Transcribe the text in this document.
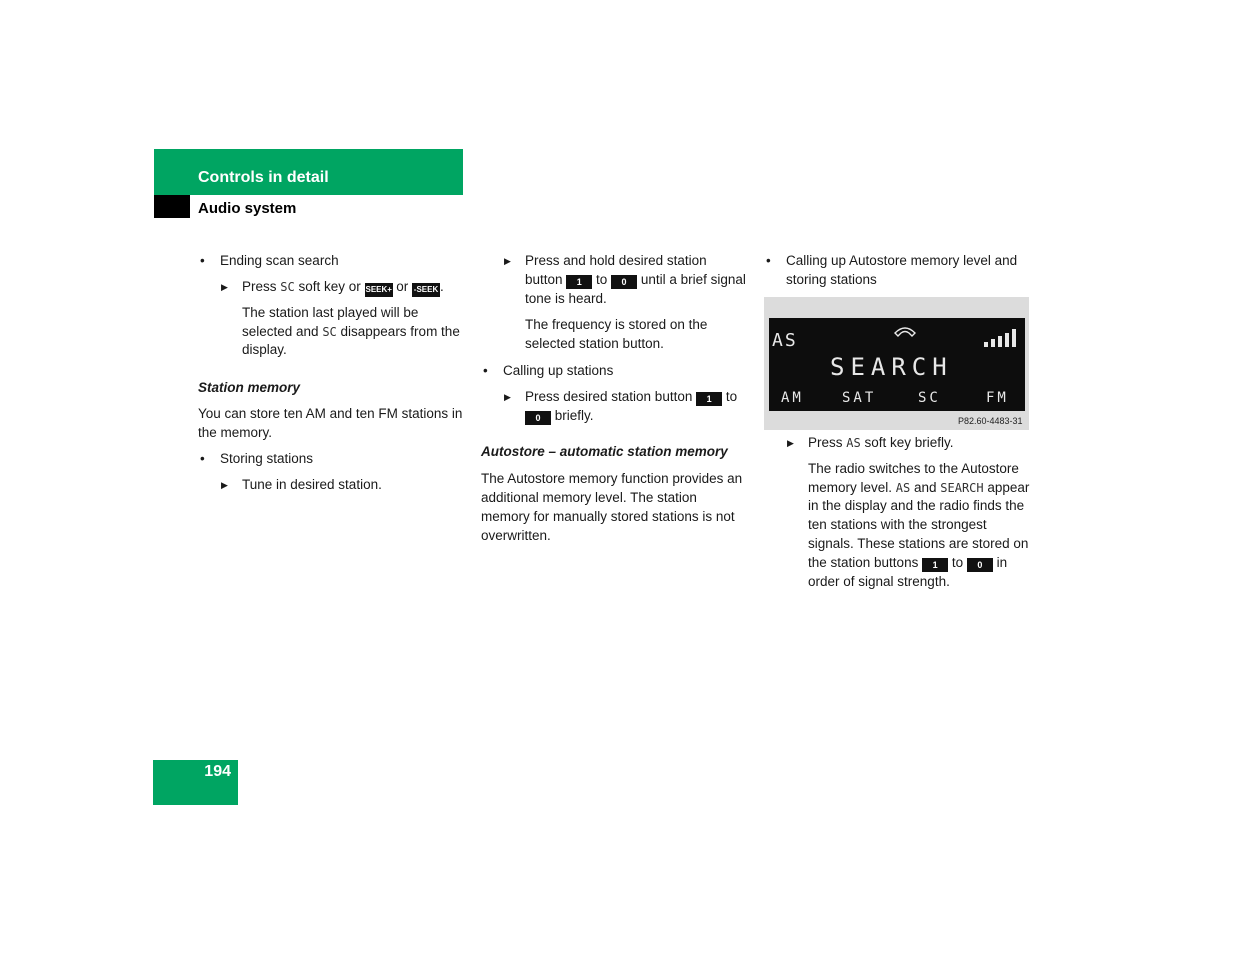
Controls in detail
Audio system

• Ending scan search

▶ Press SC soft key or SEEK+ or -SEEK .

The station last played will be selected and SC disappears from the display.

Station memory

You can store ten AM and ten FM stations in the memory.

• Storing stations

▶ Tune in desired station.

▶ Press and hold desired station button 1 to 0 until a brief signal tone is heard.

The frequency is stored on the selected station button.

• Calling up stations

▶ Press desired station button 1 to 0 briefly.

Autostore – automatic station memory

The Autostore memory function provides an additional memory level. The station memory for manually stored stations is not overwritten.

• Calling up Autostore memory level and storing stations

AS
SEARCH
AM	SAT	SC	FM
P82.60-4483-31

▶ Press AS soft key briefly.

The radio switches to the Autostore memory level. AS and SEARCH appear in the display and the radio finds the ten stations with the strongest signals. These stations are stored on the station buttons 1 to 0 in order of signal strength.

194
